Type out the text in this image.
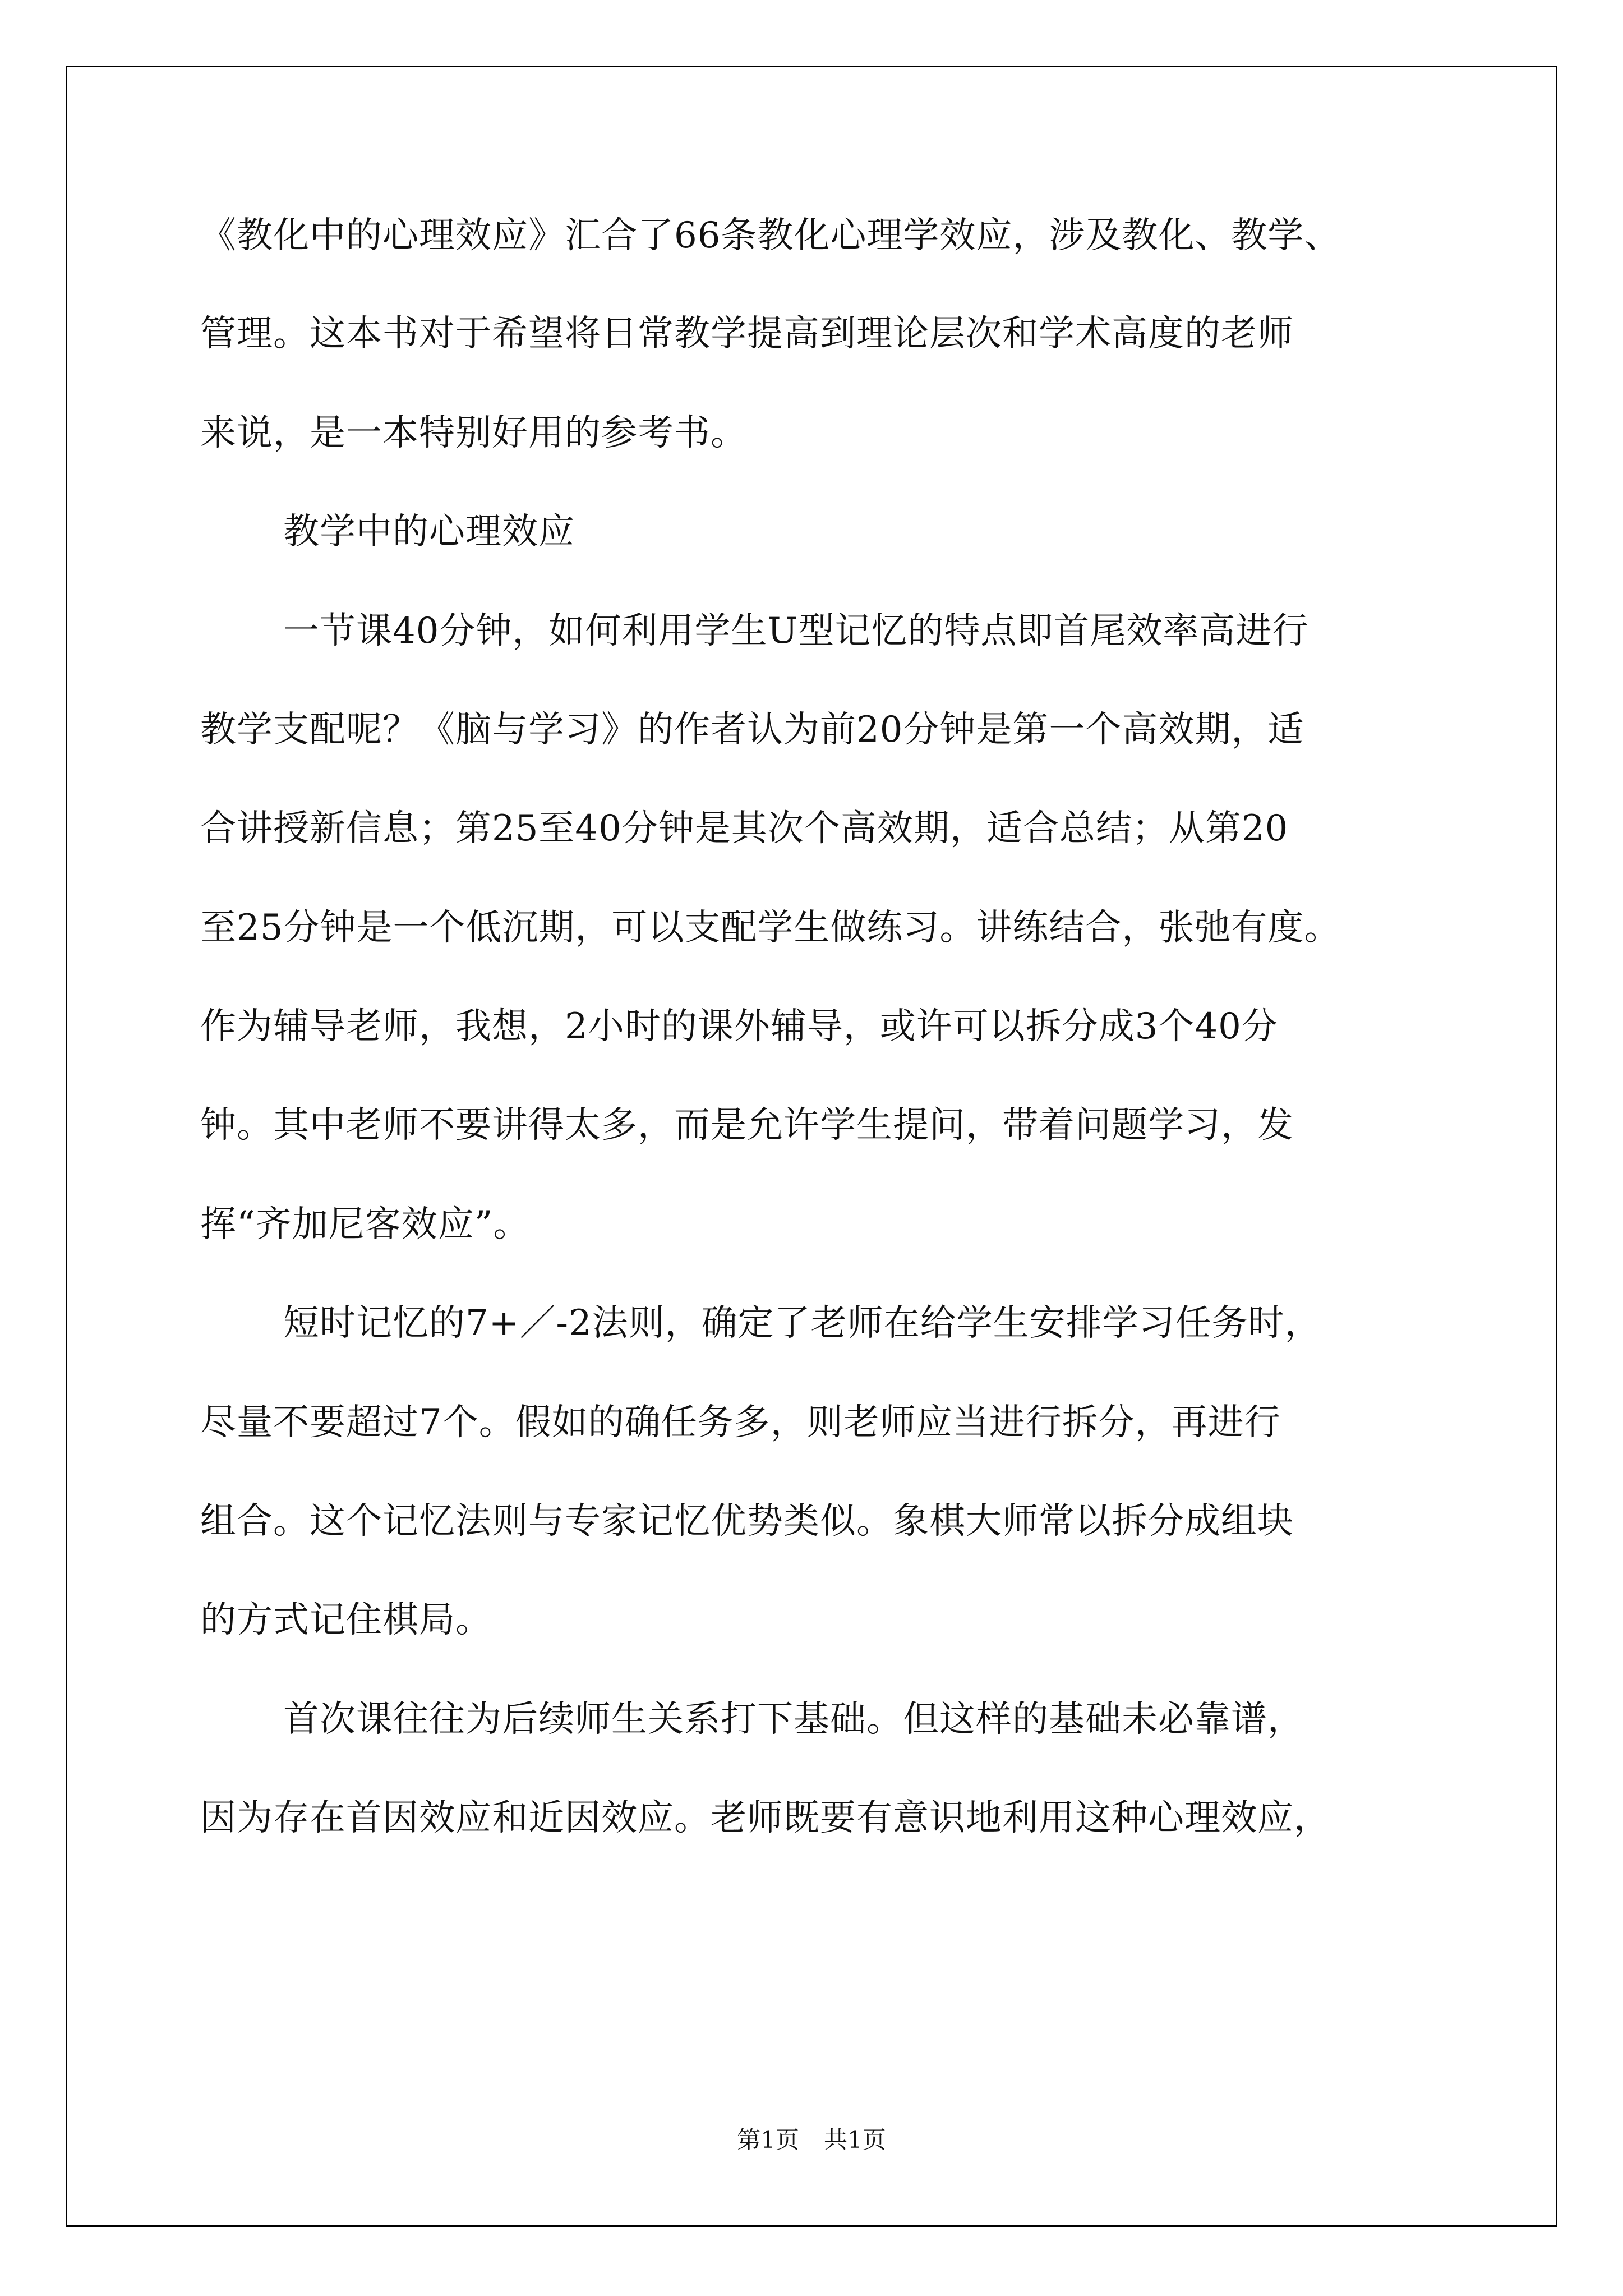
《教化中的心理效应》汇合了66条教化心理学效应，涉及教化、教学、
管理。这本书对于希望将日常教学提高到理论层次和学术高度的老师
来说，是一本特别好用的参考书。
教学中的心理效应
一节课40分钟，如何利用学生U型记忆的特点即首尾效率高进行
教学支配呢？《脑与学习》的作者认为前20分钟是第一个高效期，适
合讲授新信息；第25至40分钟是其次个高效期，适合总结；从第20
至25分钟是一个低沉期，可以支配学生做练习。讲练结合，张弛有度。
作为辅导老师，我想，2小时的课外辅导，或许可以拆分成3个40分
钟。其中老师不要讲得太多，而是允许学生提问，带着问题学习，发
挥“齐加尼客效应”。
短时记忆的7+／-2法则，确定了老师在给学生安排学习任务时，
尽量不要超过7个。假如的确任务多，则老师应当进行拆分，再进行
组合。这个记忆法则与专家记忆优势类似。象棋大师常以拆分成组块
的方式记住棋局。
首次课往往为后续师生关系打下基础。但这样的基础未必靠谱，
因为存在首因效应和近因效应。老师既要有意识地利用这种心理效应，
第1页 共1页
